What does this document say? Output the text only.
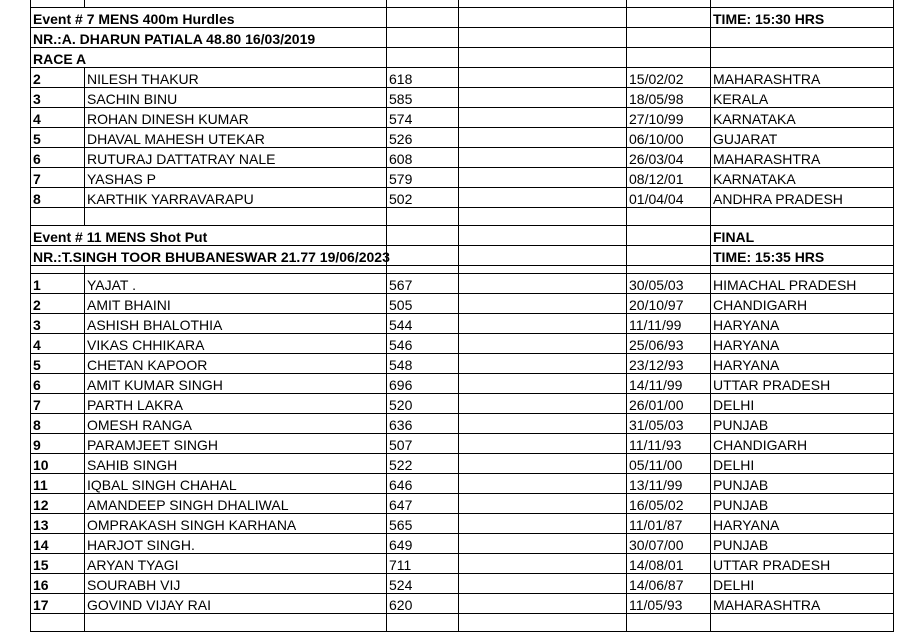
Event # 7 MENS 400m Hurdles					TIME: 15:30 HRS
NR.:A. DHARUN PATIALA 48.80 16/03/2019					
RACE A					
2	NILESH THAKUR	618		15/02/02	MAHARASHTRA
3	SACHIN BINU	585		18/05/98	KERALA
4	ROHAN DINESH KUMAR	574		27/10/99	KARNATAKA
5	DHAVAL MAHESH UTEKAR	526		06/10/00	GUJARAT
6	RUTURAJ DATTATRAY NALE	608		26/03/04	MAHARASHTRA
7	YASHAS P	579		08/12/01	KARNATAKA
8	KARTHIK YARRAVARAPU	502		01/04/04	ANDHRA PRADESH

Event # 11 MENS Shot Put					FINAL
NR.:T.SINGH TOOR BHUBANESWAR 21.77 19/06/2023					TIME: 15:35 HRS

1	YAJAT .	567		30/05/03	HIMACHAL PRADESH
2	AMIT BHAINI	505		20/10/97	CHANDIGARH
3	ASHISH BHALOTHIA	544		11/11/99	HARYANA
4	VIKAS CHHIKARA	546		25/06/93	HARYANA
5	CHETAN KAPOOR	548		23/12/93	HARYANA
6	AMIT KUMAR SINGH	696		14/11/99	UTTAR PRADESH
7	PARTH LAKRA	520		26/01/00	DELHI
8	OMESH RANGA	636		31/05/03	PUNJAB
9	PARAMJEET SINGH	507		11/11/93	CHANDIGARH
10	SAHIB SINGH	522		05/11/00	DELHI
11	IQBAL SINGH CHAHAL	646		13/11/99	PUNJAB
12	AMANDEEP SINGH DHALIWAL	647		16/05/02	PUNJAB
13	OMPRAKASH SINGH KARHANA	565		11/01/87	HARYANA
14	HARJOT SINGH.	649		30/07/00	PUNJAB
15	ARYAN TYAGI	711		14/08/01	UTTAR PRADESH
16	SOURABH VIJ	524		14/06/87	DELHI
17	GOVIND VIJAY RAI	620		11/05/93	MAHARASHTRA
